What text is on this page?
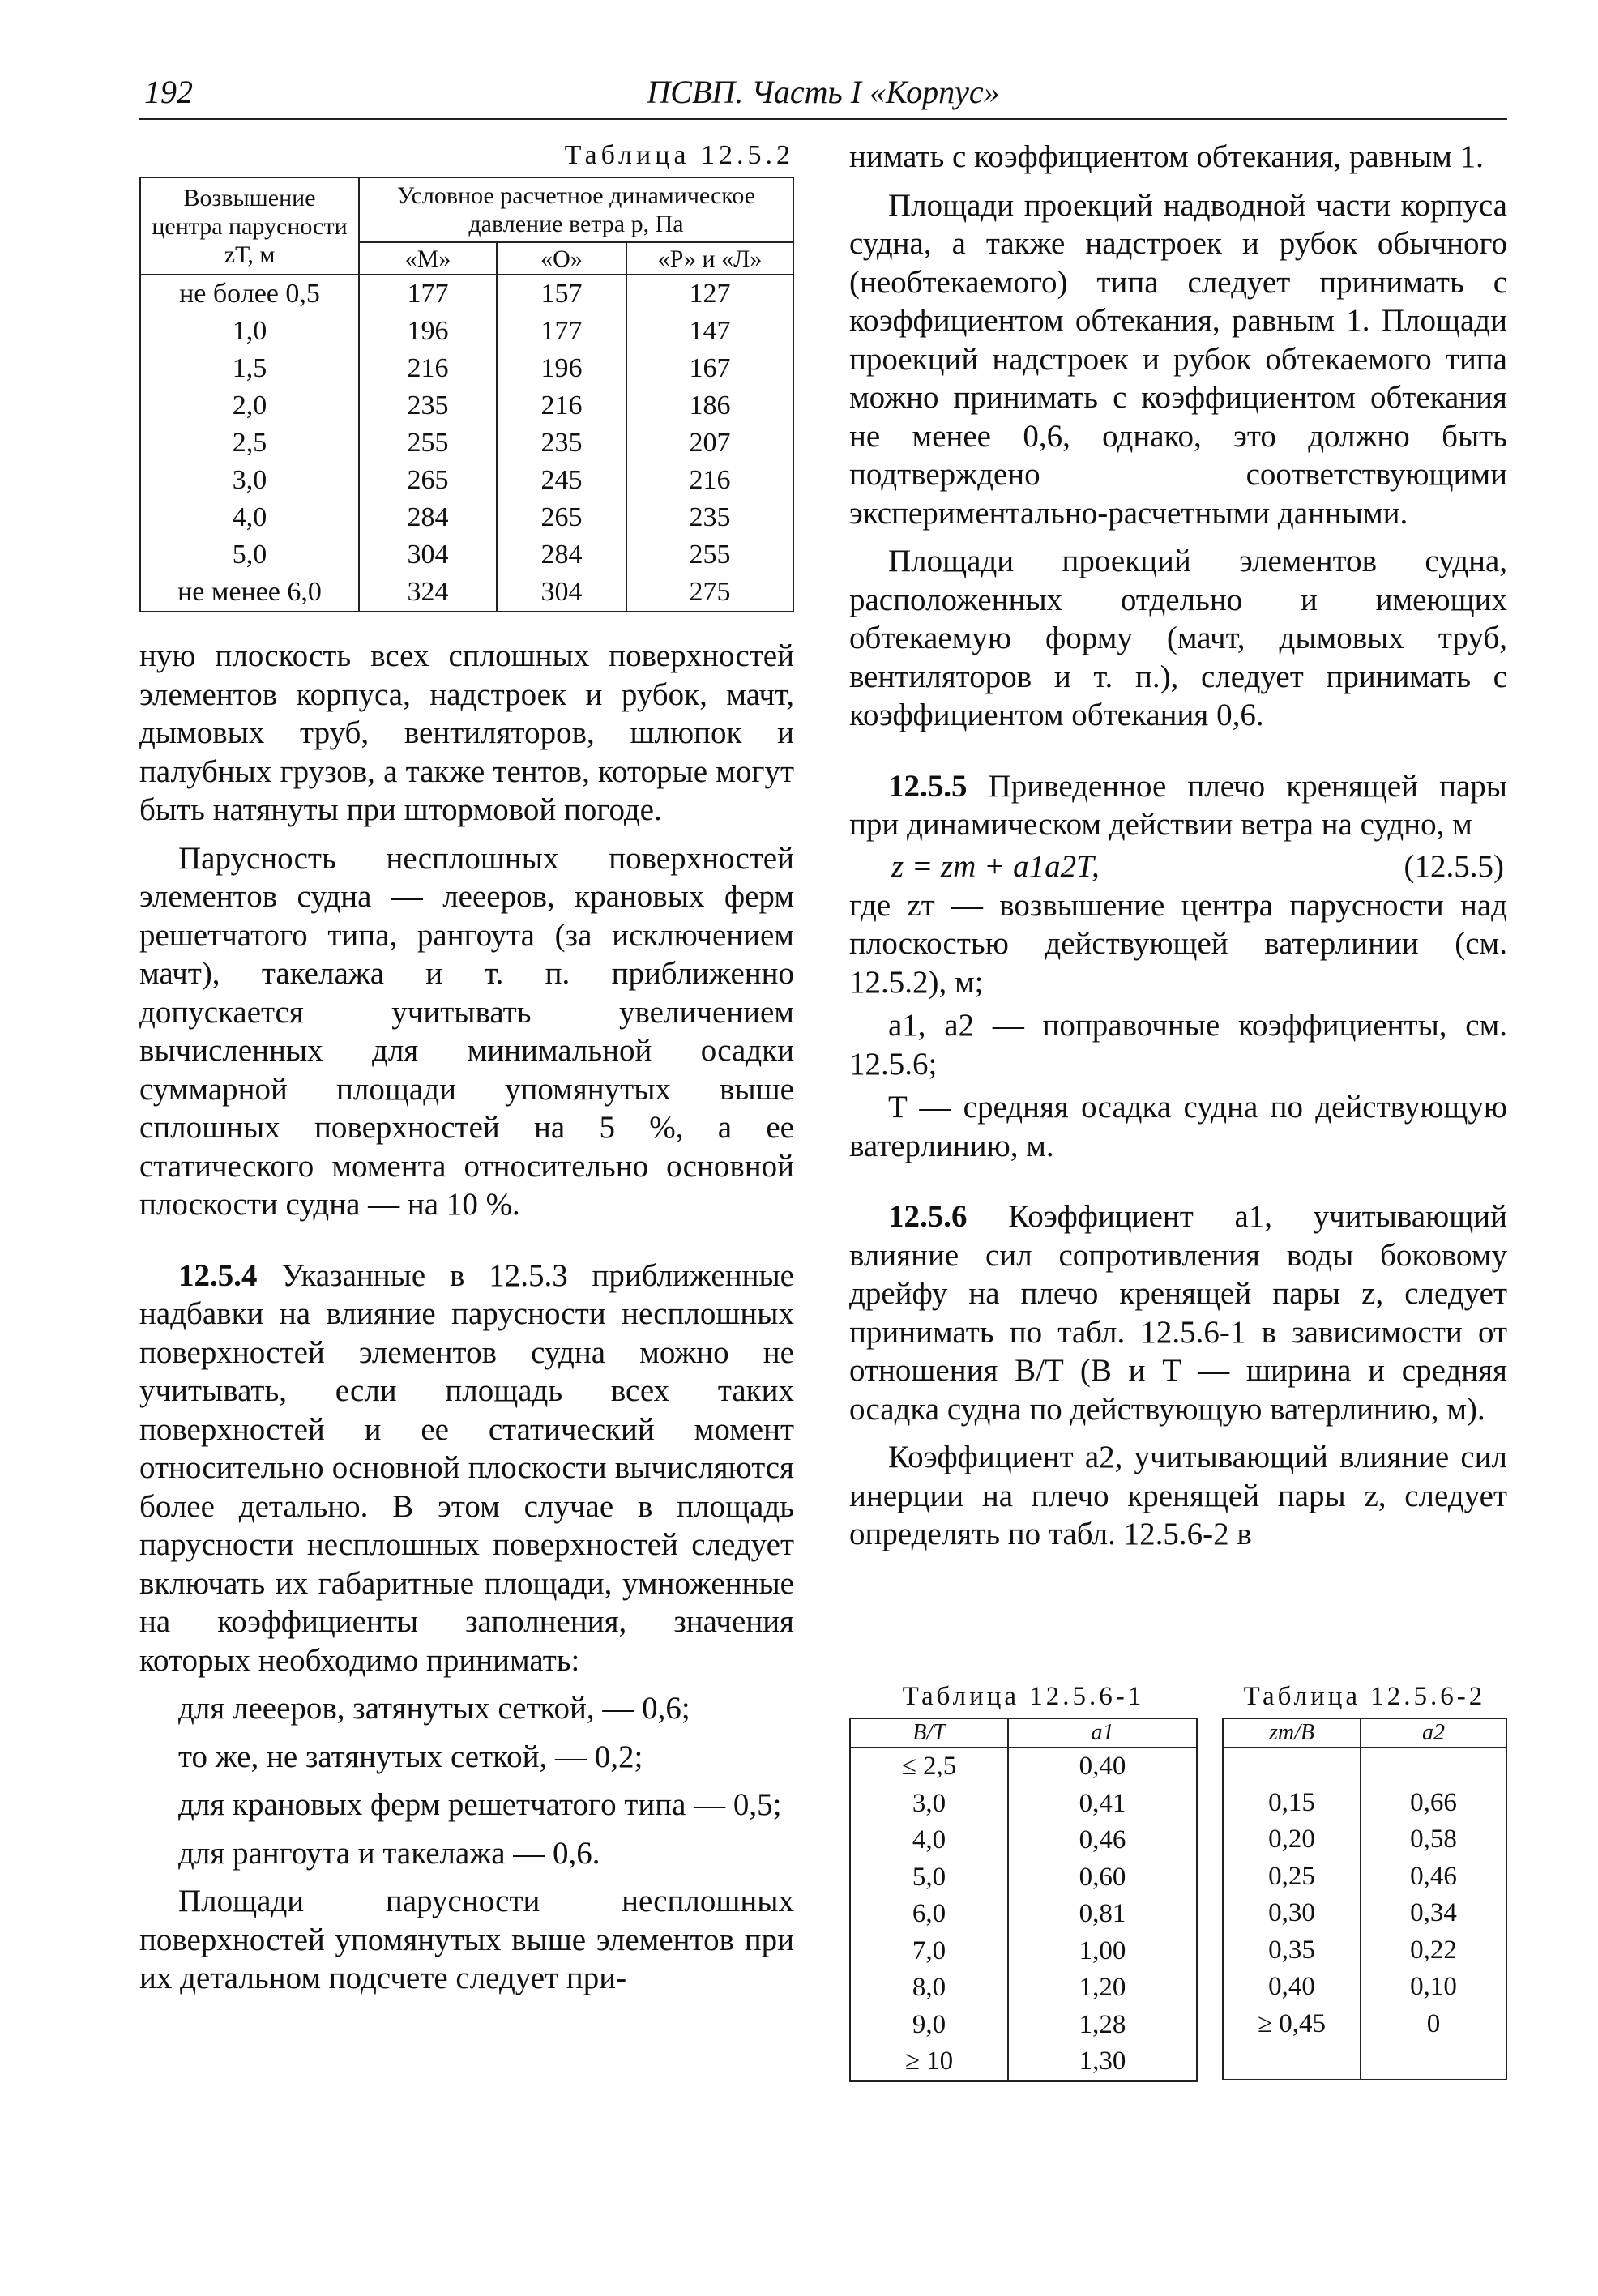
192	ПСВП. Часть I «Корпус»
Таблица 12.5.2
Возвышение центра парусности zТ, м	Условное расчетное динамическое давление ветра p, Па		
	«М»	«О»	«Р» и «Л»
не более 0,5	177	157	127
1,0	196	177	147
1,5	216	196	167
2,0	235	216	186
2,5	255	235	207
3,0	265	245	216
4,0	284	265	235
5,0	304	284	255
не менее 6,0	324	304	275

ную плоскость всех сплошных поверхностей элементов корпуса, надстроек и рубок, мачт, дымовых труб, вентиляторов, шлюпок и палубных грузов, а также тентов, которые могут быть натянуты при штормовой погоде.

Парусность несплошных поверхностей элементов судна — леееров, крановых ферм решетчатого типа, рангоута (за исключением мачт), такелажа и т. п. приближенно допускается учитывать увеличением вычисленных для минимальной осадки суммарной площади упомянутых выше сплошных поверхностей на 5 %, а ее статического момента относительно основной плоскости судна — на 10 %.

12.5.4 Указанные в 12.5.3 приближенные надбавки на влияние парусности несплошных поверхностей элементов судна можно не учитывать, если площадь всех таких поверхностей и ее статический момент относительно основной плоскости вычисляются более детально. В этом случае в площадь парусности несплошных поверхностей следует включать их габаритные площади, умноженные на коэффициенты заполнения, значения которых необходимо принимать:

для леееров, затянутых сеткой, — 0,6;

то же, не затянутых сеткой, — 0,2;

для крановых ферм решетчатого типа — 0,5;

для рангоута и такелажа — 0,6.

Площади парусности несплошных поверхностей упомянутых выше элементов при их детальном подсчете следует при-

нимать с коэффициентом обтекания, равным 1.

Площади проекций надводной части корпуса судна, а также надстроек и рубок обычного (необтекаемого) типа следует принимать с коэффициентом обтекания, равным 1. Площади проекций надстроек и рубок обтекаемого типа можно принимать с коэффициентом обтекания не менее 0,6, однако, это должно быть подтверждено соответствующими экспериментально-расчетными данными.

Площади проекций элементов судна, расположенных отдельно и имеющих обтекаемую форму (мачт, дымовых труб, вентиляторов и т. п.), следует принимать с коэффициентом обтекания 0,6.

12.5.5 Приведенное плечо кренящей пары при динамическом действии ветра на судно, м

z = zт + a1a2T,	(12.5.5)

где zт — возвышение центра парусности над плоскостью действующей ватерлинии (см. 12.5.2), м;

a1, a2 — поправочные коэффициенты, см. 12.5.6;

T — средняя осадка судна по действующую ватерлинию, м.

12.5.6 Коэффициент a1, учитывающий влияние сил сопротивления воды боковому дрейфу на плечо кренящей пары z, следует принимать по табл. 12.5.6-1 в зависимости от отношения B/T (B и T — ширина и средняя осадка судна по действующую ватерлинию, м).

Коэффициент a2, учитывающий влияние сил инерции на плечо кренящей пары z, следует определять по табл. 12.5.6-2 в

Таблица 12.5.6-1
B/T	a1
≤ 2,5	0,40
3,0	0,41
4,0	0,46
5,0	0,60
6,0	0,81
7,0	1,00
8,0	1,20
9,0	1,28
≥ 10	1,30
Таблица 12.5.6-2
zт/B	a2

0,15	0,66
0,20	0,58
0,25	0,46
0,30	0,34
0,35	0,22
0,40	0,10
≥ 0,45	0
